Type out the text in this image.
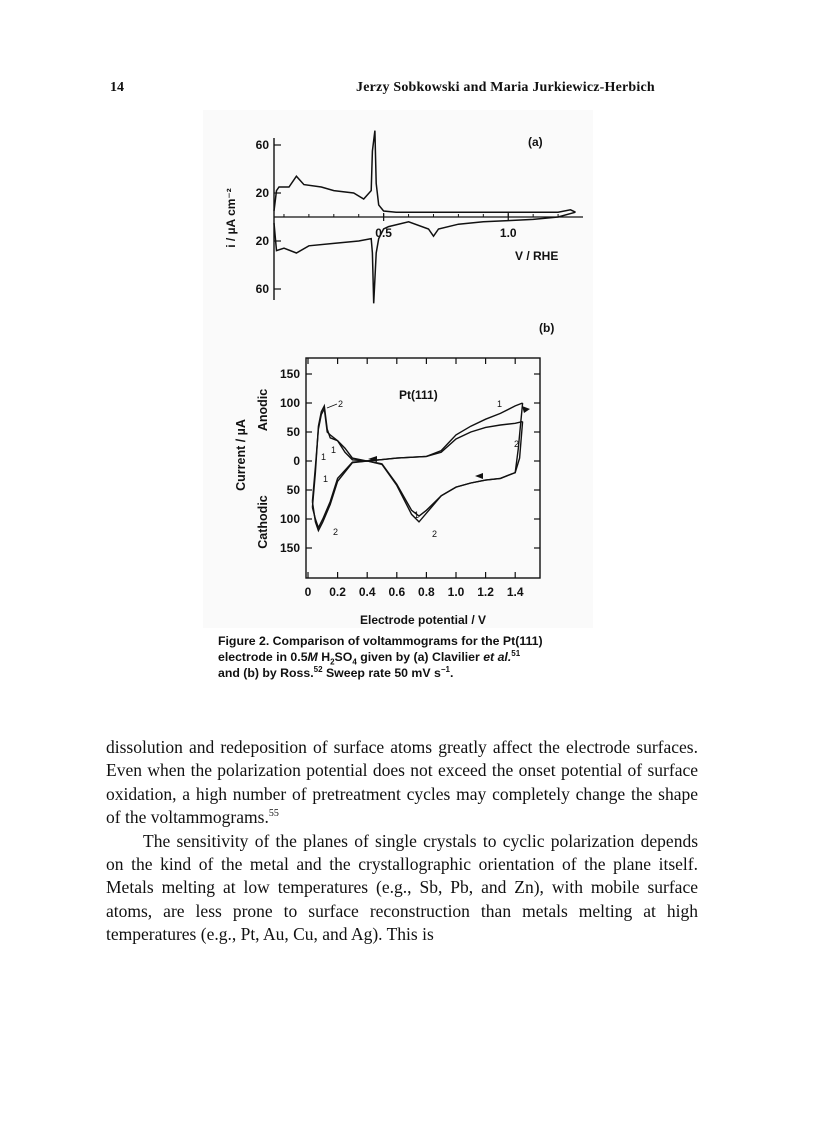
14	Jerzy Sobkowski and Maria Jurkiewicz-Herbich
60
20
20
60
0.5	1.0
(a)
V / RHE
i / µA cm⁻²
(b)
150
100
50
0
50
100
150
0 0.2 0.4 0.6 0.8 1.0 1.2 1.4
2
1
1
1
2
1
2
1
2
Pt(111)
Electrode potential / V
Current / µA
Anodic
Cathodic
Figure 2. Comparison of voltammograms for the Pt(111)
electrode in 0.5M $H_2SO_4$ given by (a) Clavilier et al.$^{51}$
and (b) by Ross.$^{52}$ Sweep rate 50 mV $s^{-1}$.

dissolution and redeposition of surface atoms greatly affect the electrode surfaces. Even when the polarization potential does not exceed the onset potential of surface oxidation, a high number of pretreatment cycles may completely change the shape of the voltammograms.$^{55}$

The sensitivity of the planes of single crystals to cyclic polarization depends on the kind of the metal and the crystallographic orientation of the plane itself. Metals melting at low temperatures (e.g., Sb, Pb, and Zn), with mobile surface atoms, are less prone to surface reconstruction than metals melting at high temperatures (e.g., Pt, Au, Cu, and Ag). This is
